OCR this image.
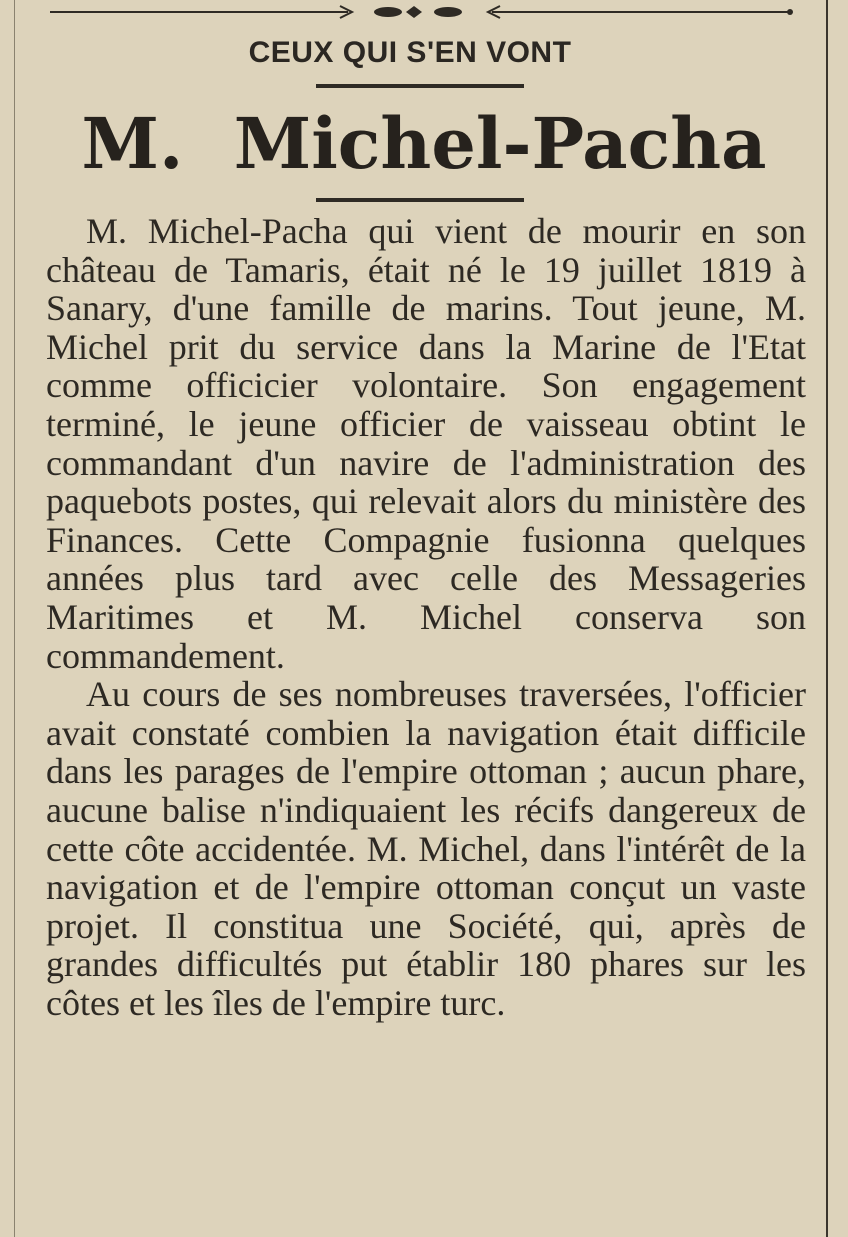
CEUX QUI S'EN VONT
M. Michel-Pacha

M. Michel-Pacha qui vient de mourir en son château de Tamaris, était né le 19 juillet 1819 à Sanary, d'une famille de marins. Tout jeune, M. Michel prit du service dans la Marine de l'Etat comme officicier volontaire. Son engagement terminé, le jeune officier de vaisseau obtint le commandant d'un navire de l'administration des paquebots postes, qui relevait alors du ministère des Finances. Cette Compagnie fusionna quelques années plus tard avec celle des Messageries Maritimes et M. Michel conserva son commandement.

Au cours de ses nombreuses traversées, l'officier avait constaté combien la navigation était difficile dans les parages de l'empire ottoman ; aucun phare, aucune balise n'indiquaient les récifs dangereux de cette côte accidentée. M. Michel, dans l'intérêt de la navigation et de l'empire ottoman conçut un vaste projet. Il constitua une Société, qui, après de grandes difficultés put établir 180 phares sur les côtes et les îles de l'empire turc.
